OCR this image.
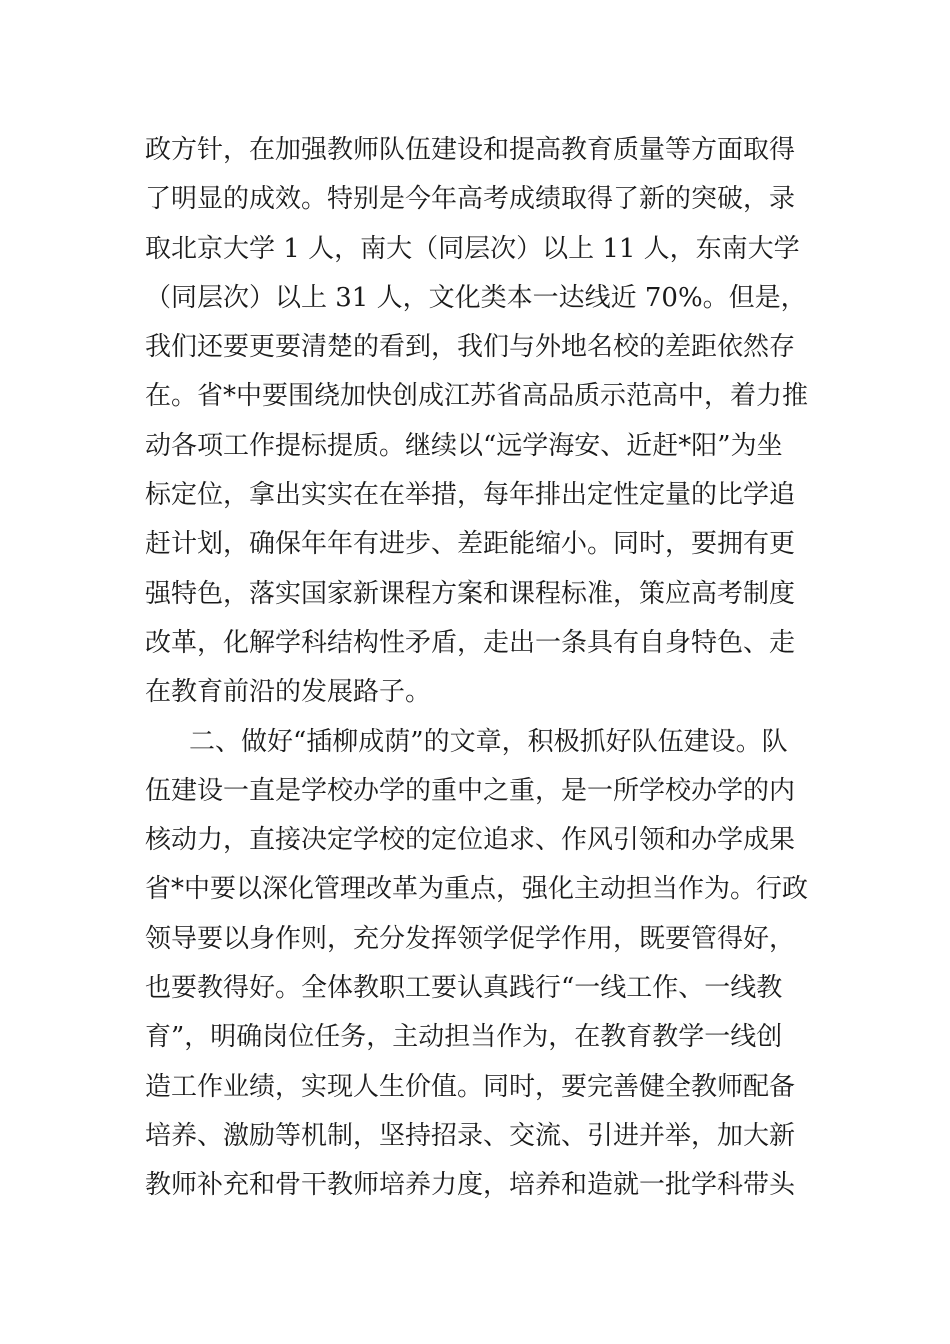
政方针，在加强教师队伍建设和提高教育质量等方面取得
了明显的成效。特别是今年高考成绩取得了新的突破，录
取北京大学 1 人，南大（同层次）以上 11 人，东南大学
（同层次）以上 31 人，文化类本一达线近 70%。但是，
我们还要更要清楚的看到，我们与外地名校的差距依然存
在。省*中要围绕加快创成江苏省高品质示范高中，着力推
动各项工作提标提质。继续以“远学海安、近赶*阳”为坐
标定位，拿出实实在在举措，每年排出定性定量的比学追
赶计划，确保年年有进步、差距能缩小。同时，要拥有更
强特色，落实国家新课程方案和课程标准，策应高考制度
改革，化解学科结构性矛盾，走出一条具有自身特色、走
在教育前沿的发展路子。
二、做好“插柳成荫”的文章，积极抓好队伍建设。队
伍建设一直是学校办学的重中之重，是一所学校办学的内
核动力，直接决定学校的定位追求、作风引领和办学成果
省*中要以深化管理改革为重点，强化主动担当作为。行政
领导要以身作则，充分发挥领学促学作用，既要管得好，
也要教得好。全体教职工要认真践行“一线工作、一线教
育”，明确岗位任务，主动担当作为，在教育教学一线创
造工作业绩，实现人生价值。同时，要完善健全教师配备
培养、激励等机制，坚持招录、交流、引进并举，加大新
教师补充和骨干教师培养力度，培养和造就一批学科带头
